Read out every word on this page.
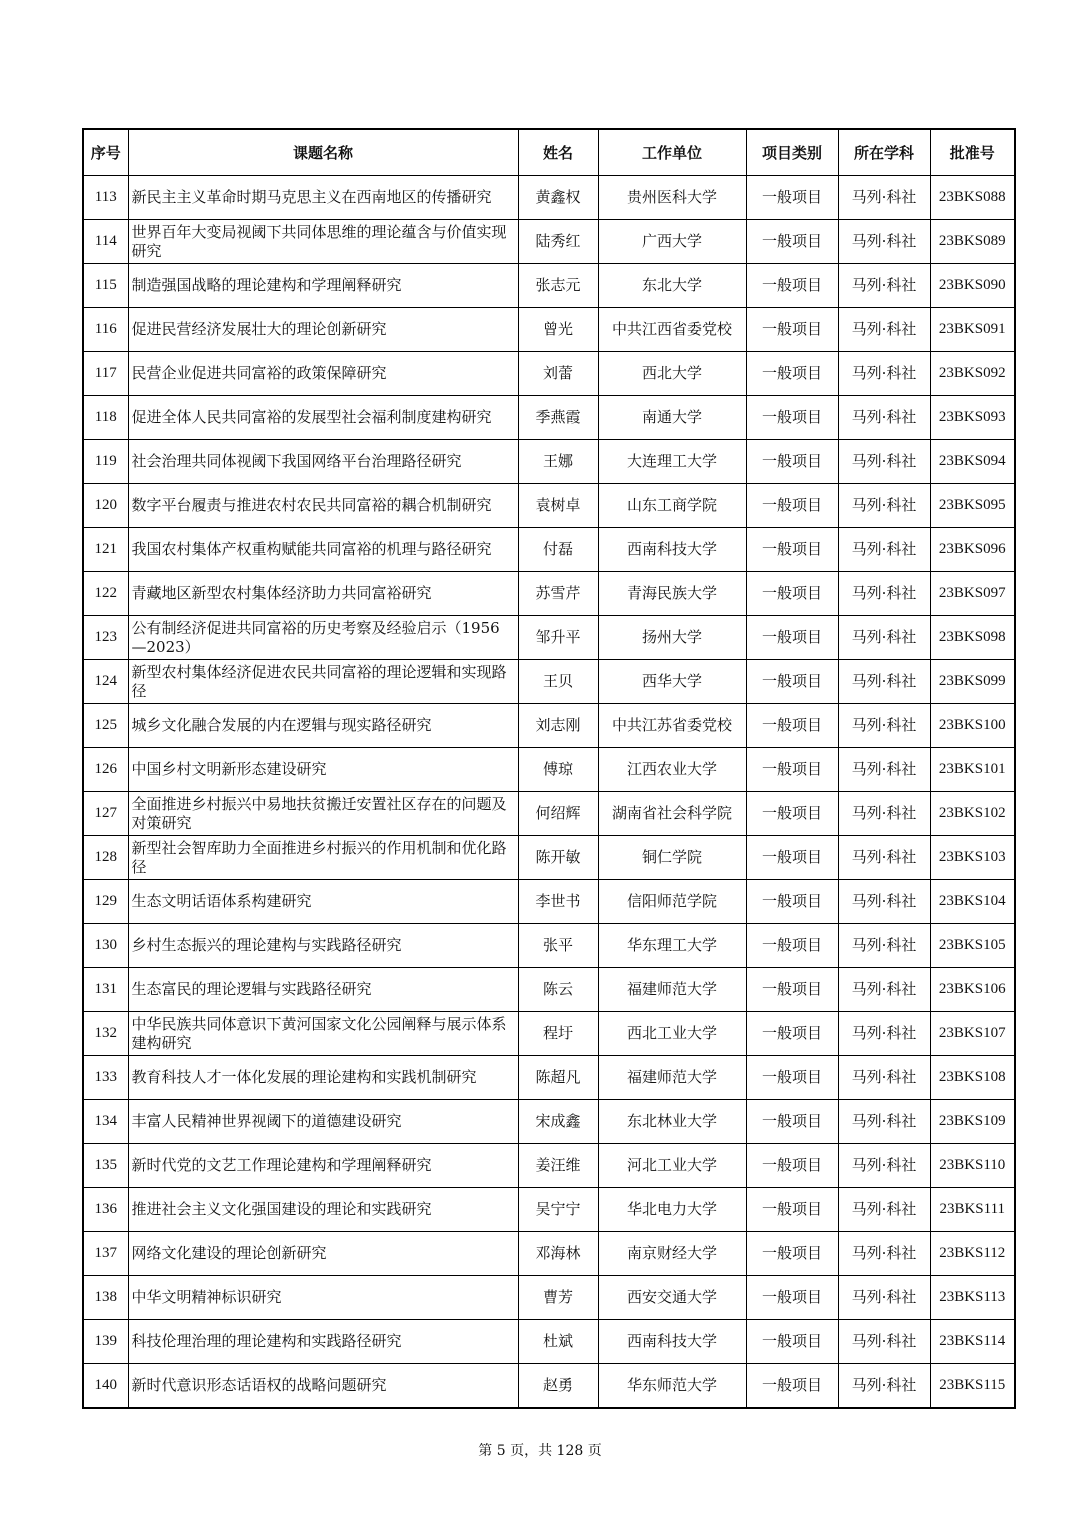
序号	课题名称	姓名	工作单位	项目类别	所在学科	批准号
113	新民主主义革命时期马克思主义在西南地区的传播研究	黄鑫权	贵州医科大学	一般项目	马列·科社	23BKS088
114	世界百年大变局视阈下共同体思维的理论蕴含与价值实现研究	陆秀红	广西大学	一般项目	马列·科社	23BKS089
115	制造强国战略的理论建构和学理阐释研究	张志元	东北大学	一般项目	马列·科社	23BKS090
116	促进民营经济发展壮大的理论创新研究	曾光	中共江西省委党校	一般项目	马列·科社	23BKS091
117	民营企业促进共同富裕的政策保障研究	刘蕾	西北大学	一般项目	马列·科社	23BKS092
118	促进全体人民共同富裕的发展型社会福利制度建构研究	季燕霞	南通大学	一般项目	马列·科社	23BKS093
119	社会治理共同体视阈下我国网络平台治理路径研究	王娜	大连理工大学	一般项目	马列·科社	23BKS094
120	数字平台履责与推进农村农民共同富裕的耦合机制研究	袁树卓	山东工商学院	一般项目	马列·科社	23BKS095
121	我国农村集体产权重构赋能共同富裕的机理与路径研究	付磊	西南科技大学	一般项目	马列·科社	23BKS096
122	青藏地区新型农村集体经济助力共同富裕研究	苏雪芹	青海民族大学	一般项目	马列·科社	23BKS097
123	公有制经济促进共同富裕的历史考察及经验启示（1956—2023）	邹升平	扬州大学	一般项目	马列·科社	23BKS098
124	新型农村集体经济促进农民共同富裕的理论逻辑和实现路径	王贝	西华大学	一般项目	马列·科社	23BKS099
125	城乡文化融合发展的内在逻辑与现实路径研究	刘志刚	中共江苏省委党校	一般项目	马列·科社	23BKS100
126	中国乡村文明新形态建设研究	傅琼	江西农业大学	一般项目	马列·科社	23BKS101
127	全面推进乡村振兴中易地扶贫搬迁安置社区存在的问题及对策研究	何绍辉	湖南省社会科学院	一般项目	马列·科社	23BKS102
128	新型社会智库助力全面推进乡村振兴的作用机制和优化路径	陈开敏	铜仁学院	一般项目	马列·科社	23BKS103
129	生态文明话语体系构建研究	李世书	信阳师范学院	一般项目	马列·科社	23BKS104
130	乡村生态振兴的理论建构与实践路径研究	张平	华东理工大学	一般项目	马列·科社	23BKS105
131	生态富民的理论逻辑与实践路径研究	陈云	福建师范大学	一般项目	马列·科社	23BKS106
132	中华民族共同体意识下黄河国家文化公园阐释与展示体系建构研究	程圩	西北工业大学	一般项目	马列·科社	23BKS107
133	教育科技人才一体化发展的理论建构和实践机制研究	陈超凡	福建师范大学	一般项目	马列·科社	23BKS108
134	丰富人民精神世界视阈下的道德建设研究	宋成鑫	东北林业大学	一般项目	马列·科社	23BKS109
135	新时代党的文艺工作理论建构和学理阐释研究	姜汪维	河北工业大学	一般项目	马列·科社	23BKS110
136	推进社会主义文化强国建设的理论和实践研究	吴宁宁	华北电力大学	一般项目	马列·科社	23BKS111
137	网络文化建设的理论创新研究	邓海林	南京财经大学	一般项目	马列·科社	23BKS112
138	中华文明精神标识研究	曹芳	西安交通大学	一般项目	马列·科社	23BKS113
139	科技伦理治理的理论建构和实践路径研究	杜斌	西南科技大学	一般项目	马列·科社	23BKS114
140	新时代意识形态话语权的战略问题研究	赵勇	华东师范大学	一般项目	马列·科社	23BKS115
第 5 页，共 128 页
